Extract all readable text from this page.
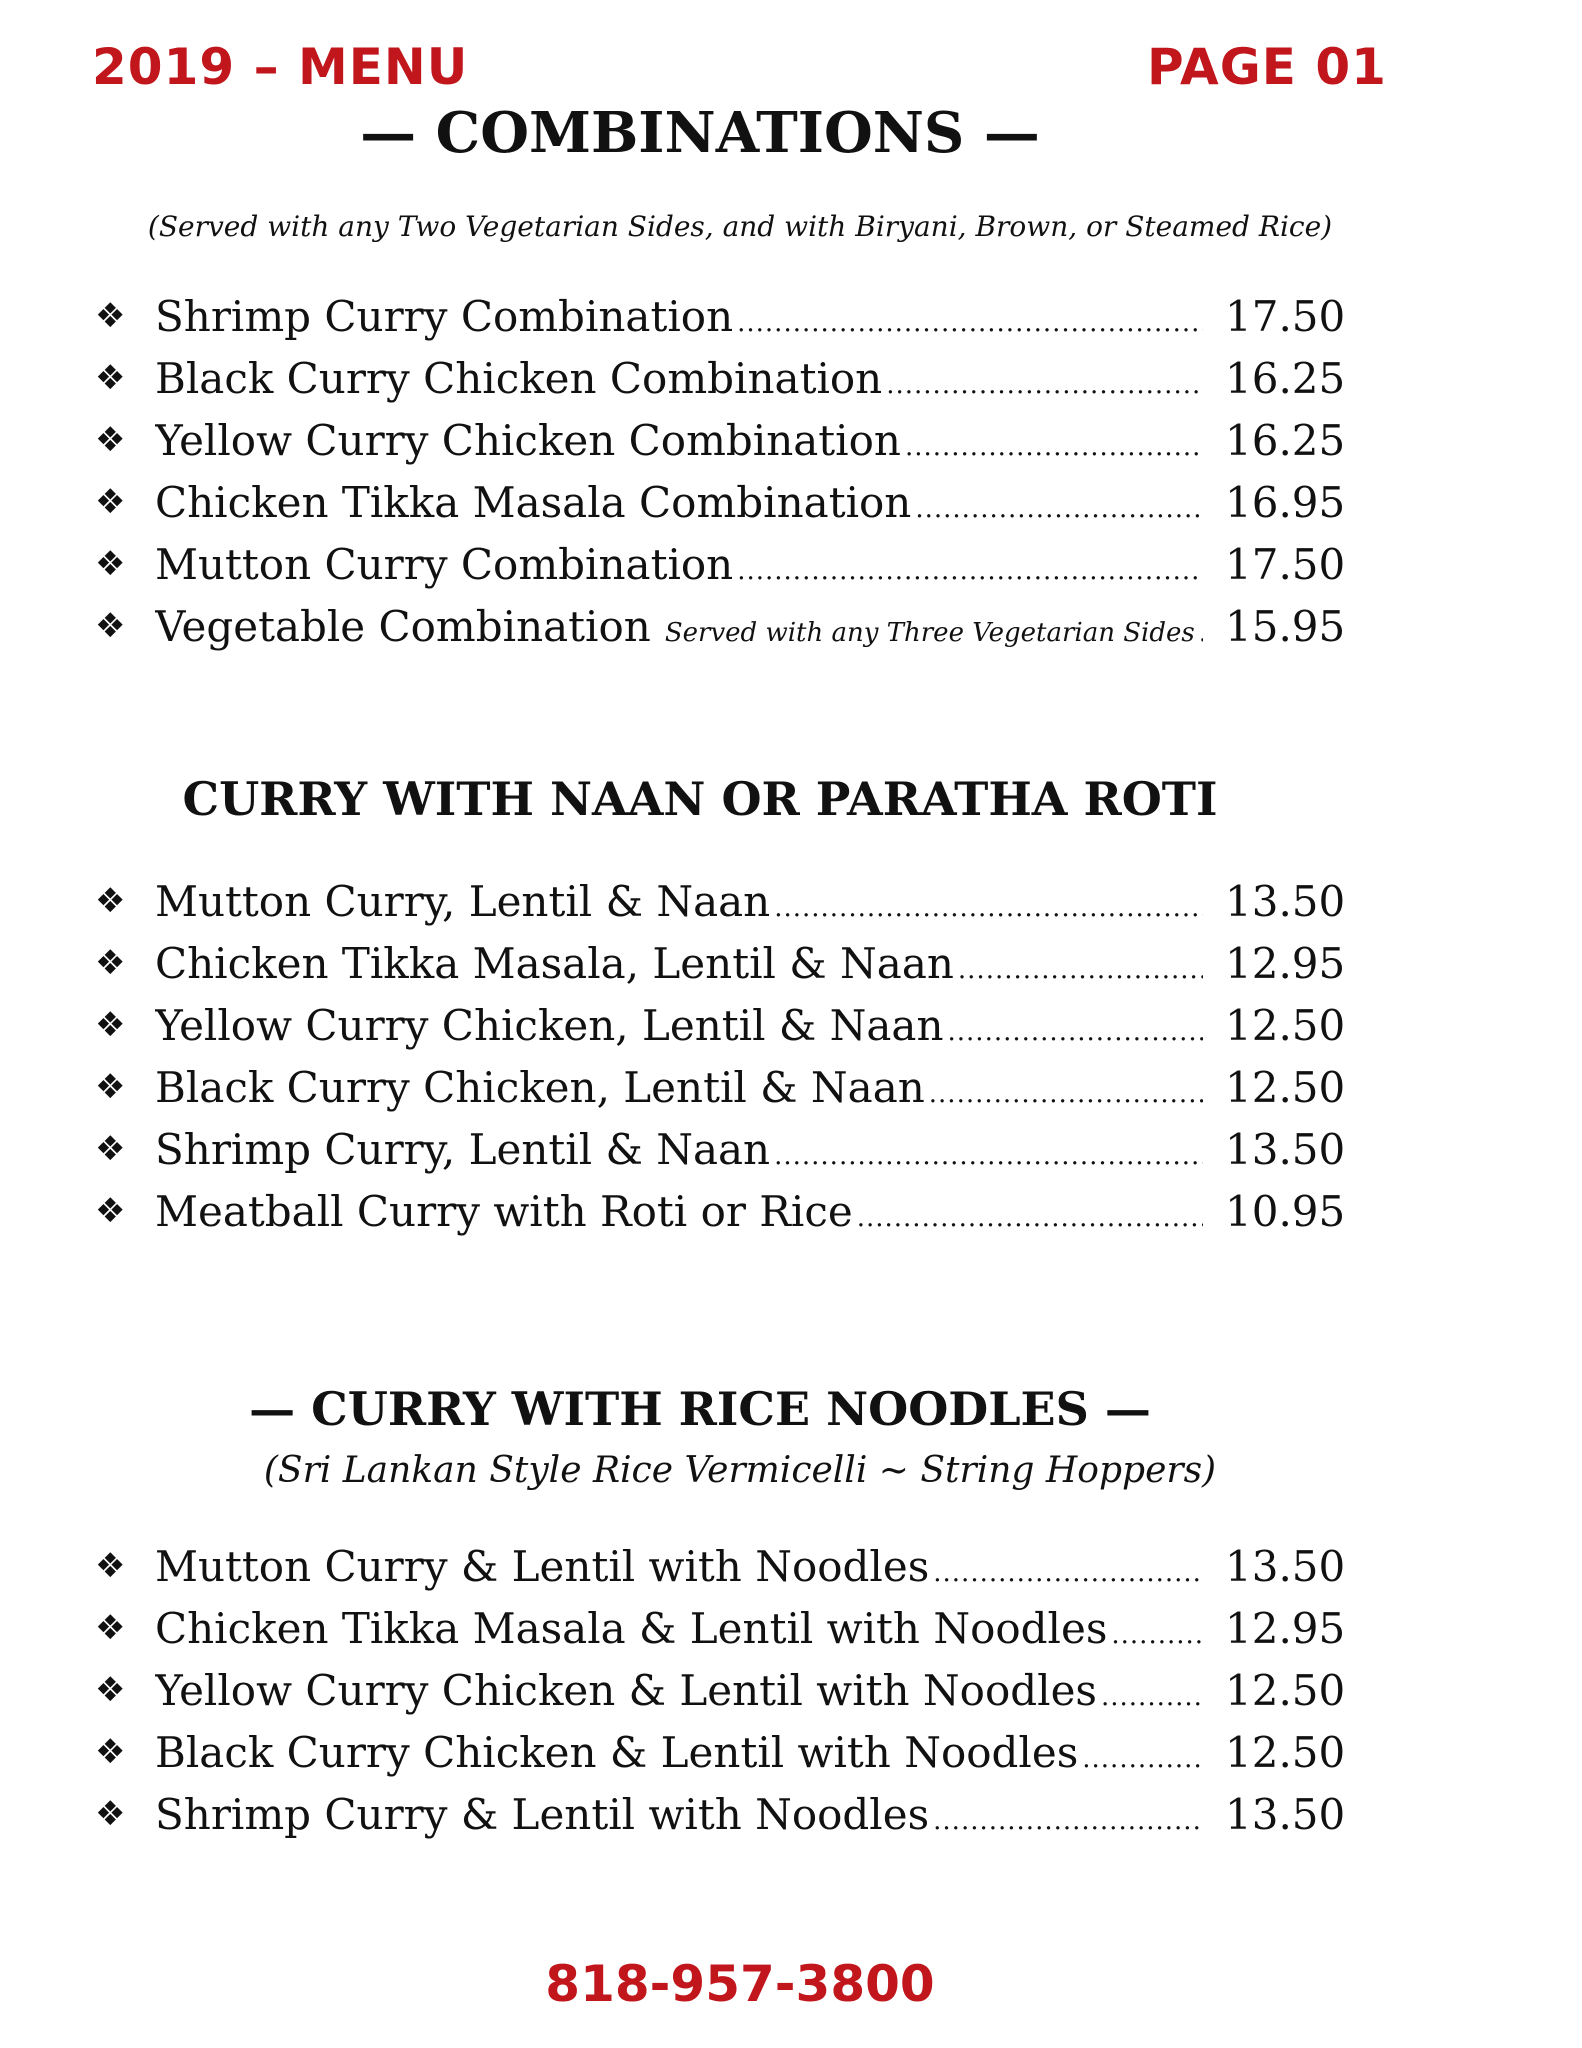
2019 – MENU	PAGE 01
— COMBINATIONS —
(Served with any Two Vegetarian Sides, and with Biryani, Brown, or Steamed Rice)
❖ Shrimp Curry Combination .....	17.50
❖ Black Curry Chicken Combination .....	16.25
❖ Yellow Curry Chicken Combination .....	16.25
❖ Chicken Tikka Masala Combination .....	16.95
❖ Mutton Curry Combination .....	17.50
❖ Vegetable Combination Served with any Three Vegetarian Sides ..... 15.95
CURRY WITH NAAN OR PARATHA ROTI
❖ Mutton Curry, Lentil & Naan .....	13.50
❖ Chicken Tikka Masala, Lentil & Naan .....	12.95
❖ Yellow Curry Chicken, Lentil & Naan .....	12.50
❖ Black Curry Chicken, Lentil & Naan .....	12.50
❖ Shrimp Curry, Lentil & Naan .....	13.50
❖ Meatball Curry with Roti or Rice .....	10.95
— CURRY WITH RICE NOODLES —
(Sri Lankan Style Rice Vermicelli ~ String Hoppers)
❖ Mutton Curry & Lentil with Noodles .....	13.50
❖ Chicken Tikka Masala & Lentil with Noodles .....	12.95
❖ Yellow Curry Chicken & Lentil with Noodles .....	12.50
❖ Black Curry Chicken & Lentil with Noodles .....	12.50
❖ Shrimp Curry & Lentil with Noodles .....	13.50
818-957-3800
